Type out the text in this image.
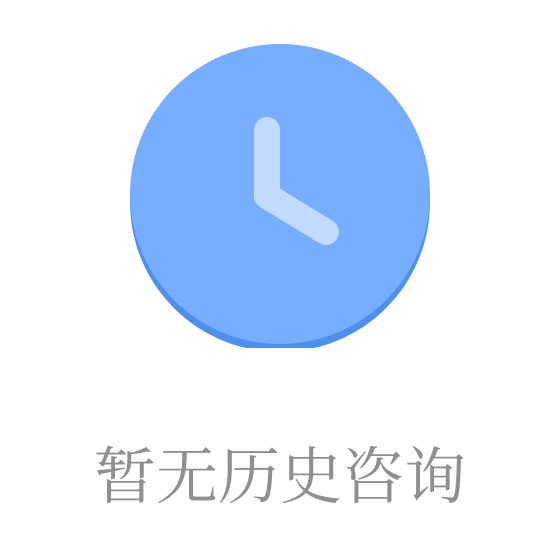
暂无历史咨询
